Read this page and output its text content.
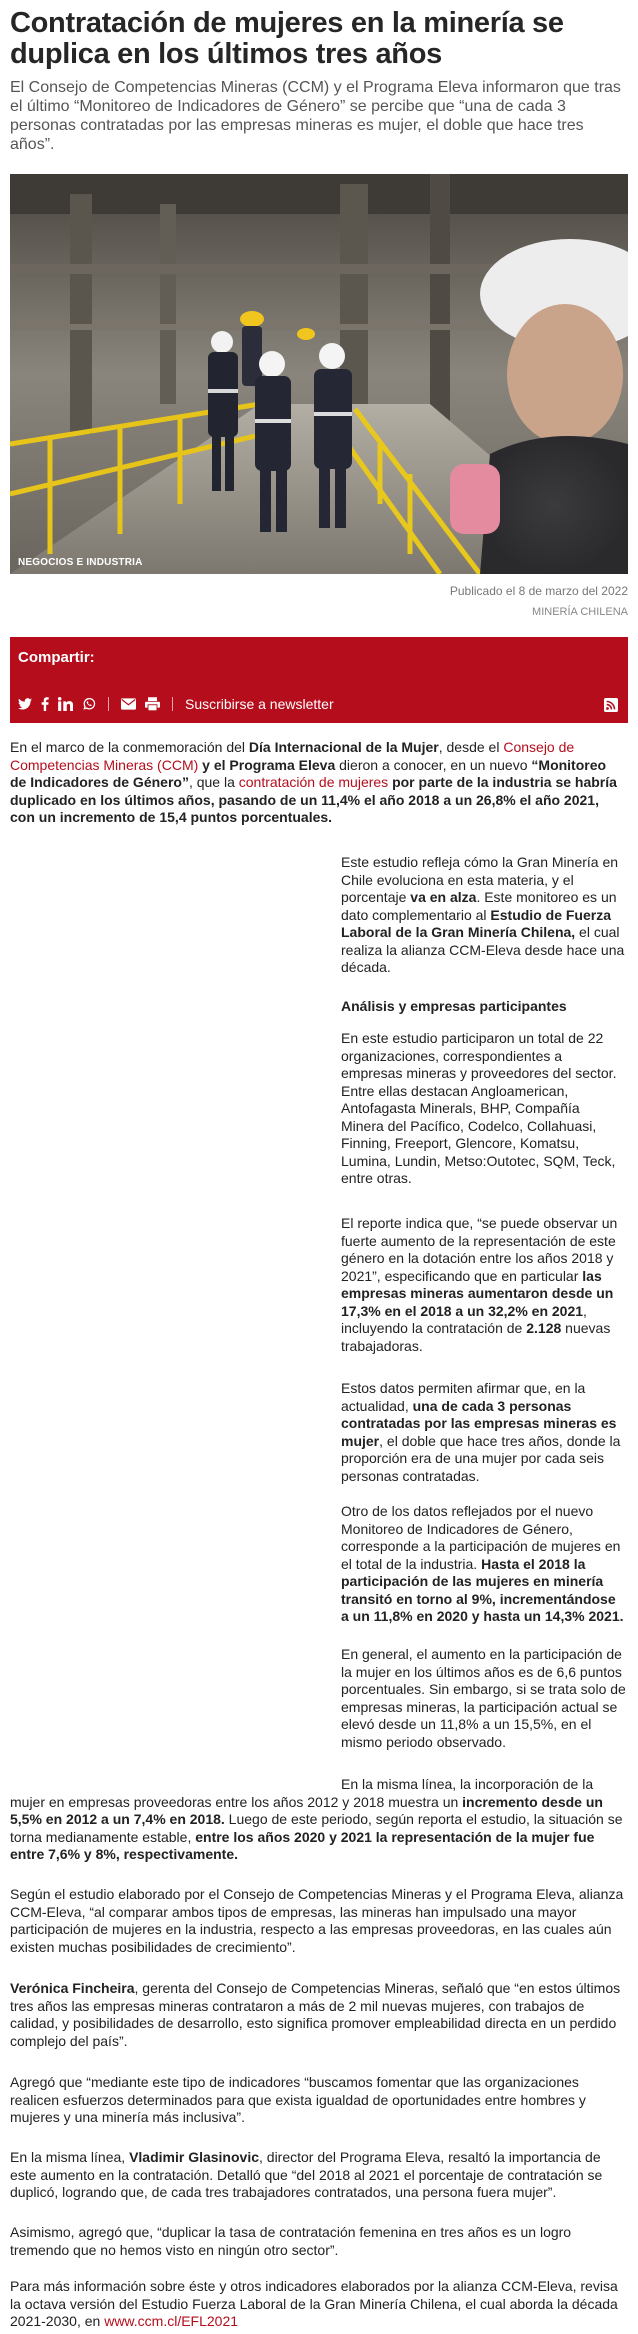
Contratación de mujeres en la minería se duplica en los últimos tres años

El Consejo de Competencias Mineras (CCM) y el Programa Eleva informaron que tras el último “Monitoreo de Indicadores de Género” se percibe que “una de cada 3 personas contratadas por las empresas mineras es mujer, el doble que hace tres años”.

NEGOCIOS E INDUSTRIA
Publicado el 8 de marzo del 2022
MINERÍA CHILENA
Compartir:
Suscribirse a newsletter

En el marco de la conmemoración del Día Internacional de la Mujer, desde el Consejo de Competencias Mineras (CCM) y el Programa Eleva dieron a conocer, en un nuevo “Monitoreo de Indicadores de Género”, que la contratación de mujeres por parte de la industria se habría duplicado en los últimos años, pasando de un 11,4% el año 2018 a un 26,8% el año 2021, con un incremento de 15,4 puntos porcentuales.

Este estudio refleja cómo la Gran Minería en Chile evoluciona en esta materia, y el porcentaje va en alza. Este monitoreo es un dato complementario al Estudio de Fuerza Laboral de la Gran Minería Chilena, el cual realiza la alianza CCM-Eleva desde hace una década.

Análisis y empresas participantes

En este estudio participaron un total de 22 organizaciones, correspondientes a empresas mineras y proveedores del sector. Entre ellas destacan Angloamerican, Antofagasta Minerals, BHP, Compañía Minera del Pacífico, Codelco, Collahuasi, Finning, Freeport, Glencore, Komatsu, Lumina, Lundin, Metso:Outotec, SQM, Teck, entre otras.

El reporte indica que, “se puede observar un fuerte aumento de la representación de este género en la dotación entre los años 2018 y 2021”, especificando que en particular las empresas mineras aumentaron desde un 17,3% en el 2018 a un 32,2% en 2021, incluyendo la contratación de 2.128 nuevas trabajadoras.

Estos datos permiten afirmar que, en la actualidad, una de cada 3 personas contratadas por las empresas mineras es mujer, el doble que hace tres años, donde la proporción era de una mujer por cada seis personas contratadas.

Otro de los datos reflejados por el nuevo Monitoreo de Indicadores de Género, corresponde a la participación de mujeres en el total de la industria. Hasta el 2018 la participación de las mujeres en minería transitó en torno al 9%, incrementándose a un 11,8% en 2020 y hasta un 14,3% 2021.

En general, el aumento en la participación de la mujer en los últimos años es de 6,6 puntos porcentuales. Sin embargo, si se trata solo de empresas mineras, la participación actual se elevó desde un 11,8% a un 15,5%, en el mismo periodo observado.

En la misma línea, la incorporación de la mujer en empresas proveedoras entre los años 2012 y 2018 muestra un incremento desde un 5,5% en 2012 a un 7,4% en 2018. Luego de este periodo, según reporta el estudio, la situación se torna medianamente estable, entre los años 2020 y 2021 la representación de la mujer fue entre 7,6% y 8%, respectivamente.

Según el estudio elaborado por el Consejo de Competencias Mineras y el Programa Eleva, alianza CCM-Eleva, “al comparar ambos tipos de empresas, las mineras han impulsado una mayor participación de mujeres en la industria, respecto a las empresas proveedoras, en las cuales aún existen muchas posibilidades de crecimiento”.

Verónica Fincheira, gerenta del Consejo de Competencias Mineras, señaló que “en estos últimos tres años las empresas mineras contrataron a más de 2 mil nuevas mujeres, con trabajos de calidad, y posibilidades de desarrollo, esto significa promover empleabilidad directa en un perdido complejo del país”.

Agregó que “mediante este tipo de indicadores “buscamos fomentar que las organizaciones realicen esfuerzos determinados para que exista igualdad de oportunidades entre hombres y mujeres y una minería más inclusiva”.

En la misma línea, Vladimir Glasinovic, director del Programa Eleva, resaltó la importancia de este aumento en la contratación. Detalló que “del 2018 al 2021 el porcentaje de contratación se duplicó, logrando que, de cada tres trabajadores contratados, una persona fuera mujer”.

Asimismo, agregó que, “duplicar la tasa de contratación femenina en tres años es un logro tremendo que no hemos visto en ningún otro sector”.

Para más información sobre éste y otros indicadores elaborados por la alianza CCM-Eleva, revisa la octava versión del Estudio Fuerza Laboral de la Gran Minería Chilena, el cual aborda la década 2021-2030, en www.ccm.cl/EFL2021
